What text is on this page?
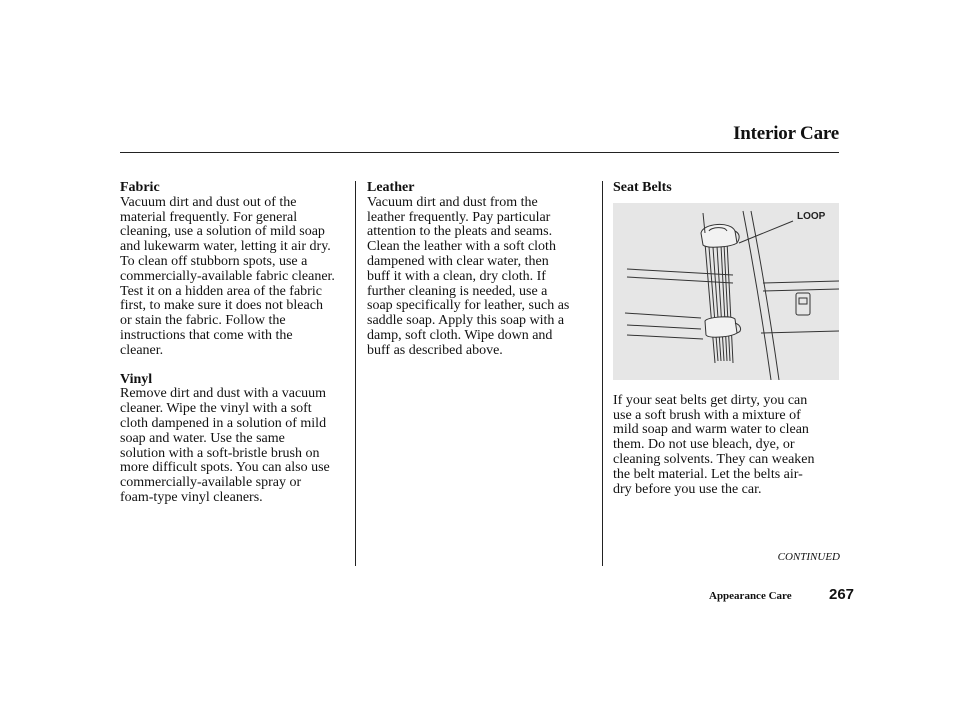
Interior Care
Fabric
Vacuum dirt and dust out of the
material frequently. For general
cleaning, use a solution of mild soap
and lukewarm water, letting it air dry.
To clean off stubborn spots, use a
commercially-available fabric cleaner.
Test it on a hidden area of the fabric
first, to make sure it does not bleach
or stain the fabric. Follow the
instructions that come with the
cleaner.
Vinyl
Remove dirt and dust with a vacuum
cleaner. Wipe the vinyl with a soft
cloth dampened in a solution of mild
soap and water. Use the same
solution with a soft-bristle brush on
more difficult spots. You can also use
commercially-available spray or
foam-type vinyl cleaners.
Leather
Vacuum dirt and dust from the
leather frequently. Pay particular
attention to the pleats and seams.
Clean the leather with a soft cloth
dampened with clear water, then
buff it with a clean, dry cloth. If
further cleaning is needed, use a
soap specifically for leather, such as
saddle soap. Apply this soap with a
damp, soft cloth. Wipe down and
buff as described above.
Seat Belts
LOOP
If your seat belts get dirty, you can
use a soft brush with a mixture of
mild soap and warm water to clean
them. Do not use bleach, dye, or
cleaning solvents. They can weaken
the belt material. Let the belts air-
dry before you use the car.
CONTINUED
Appearance Care 267
